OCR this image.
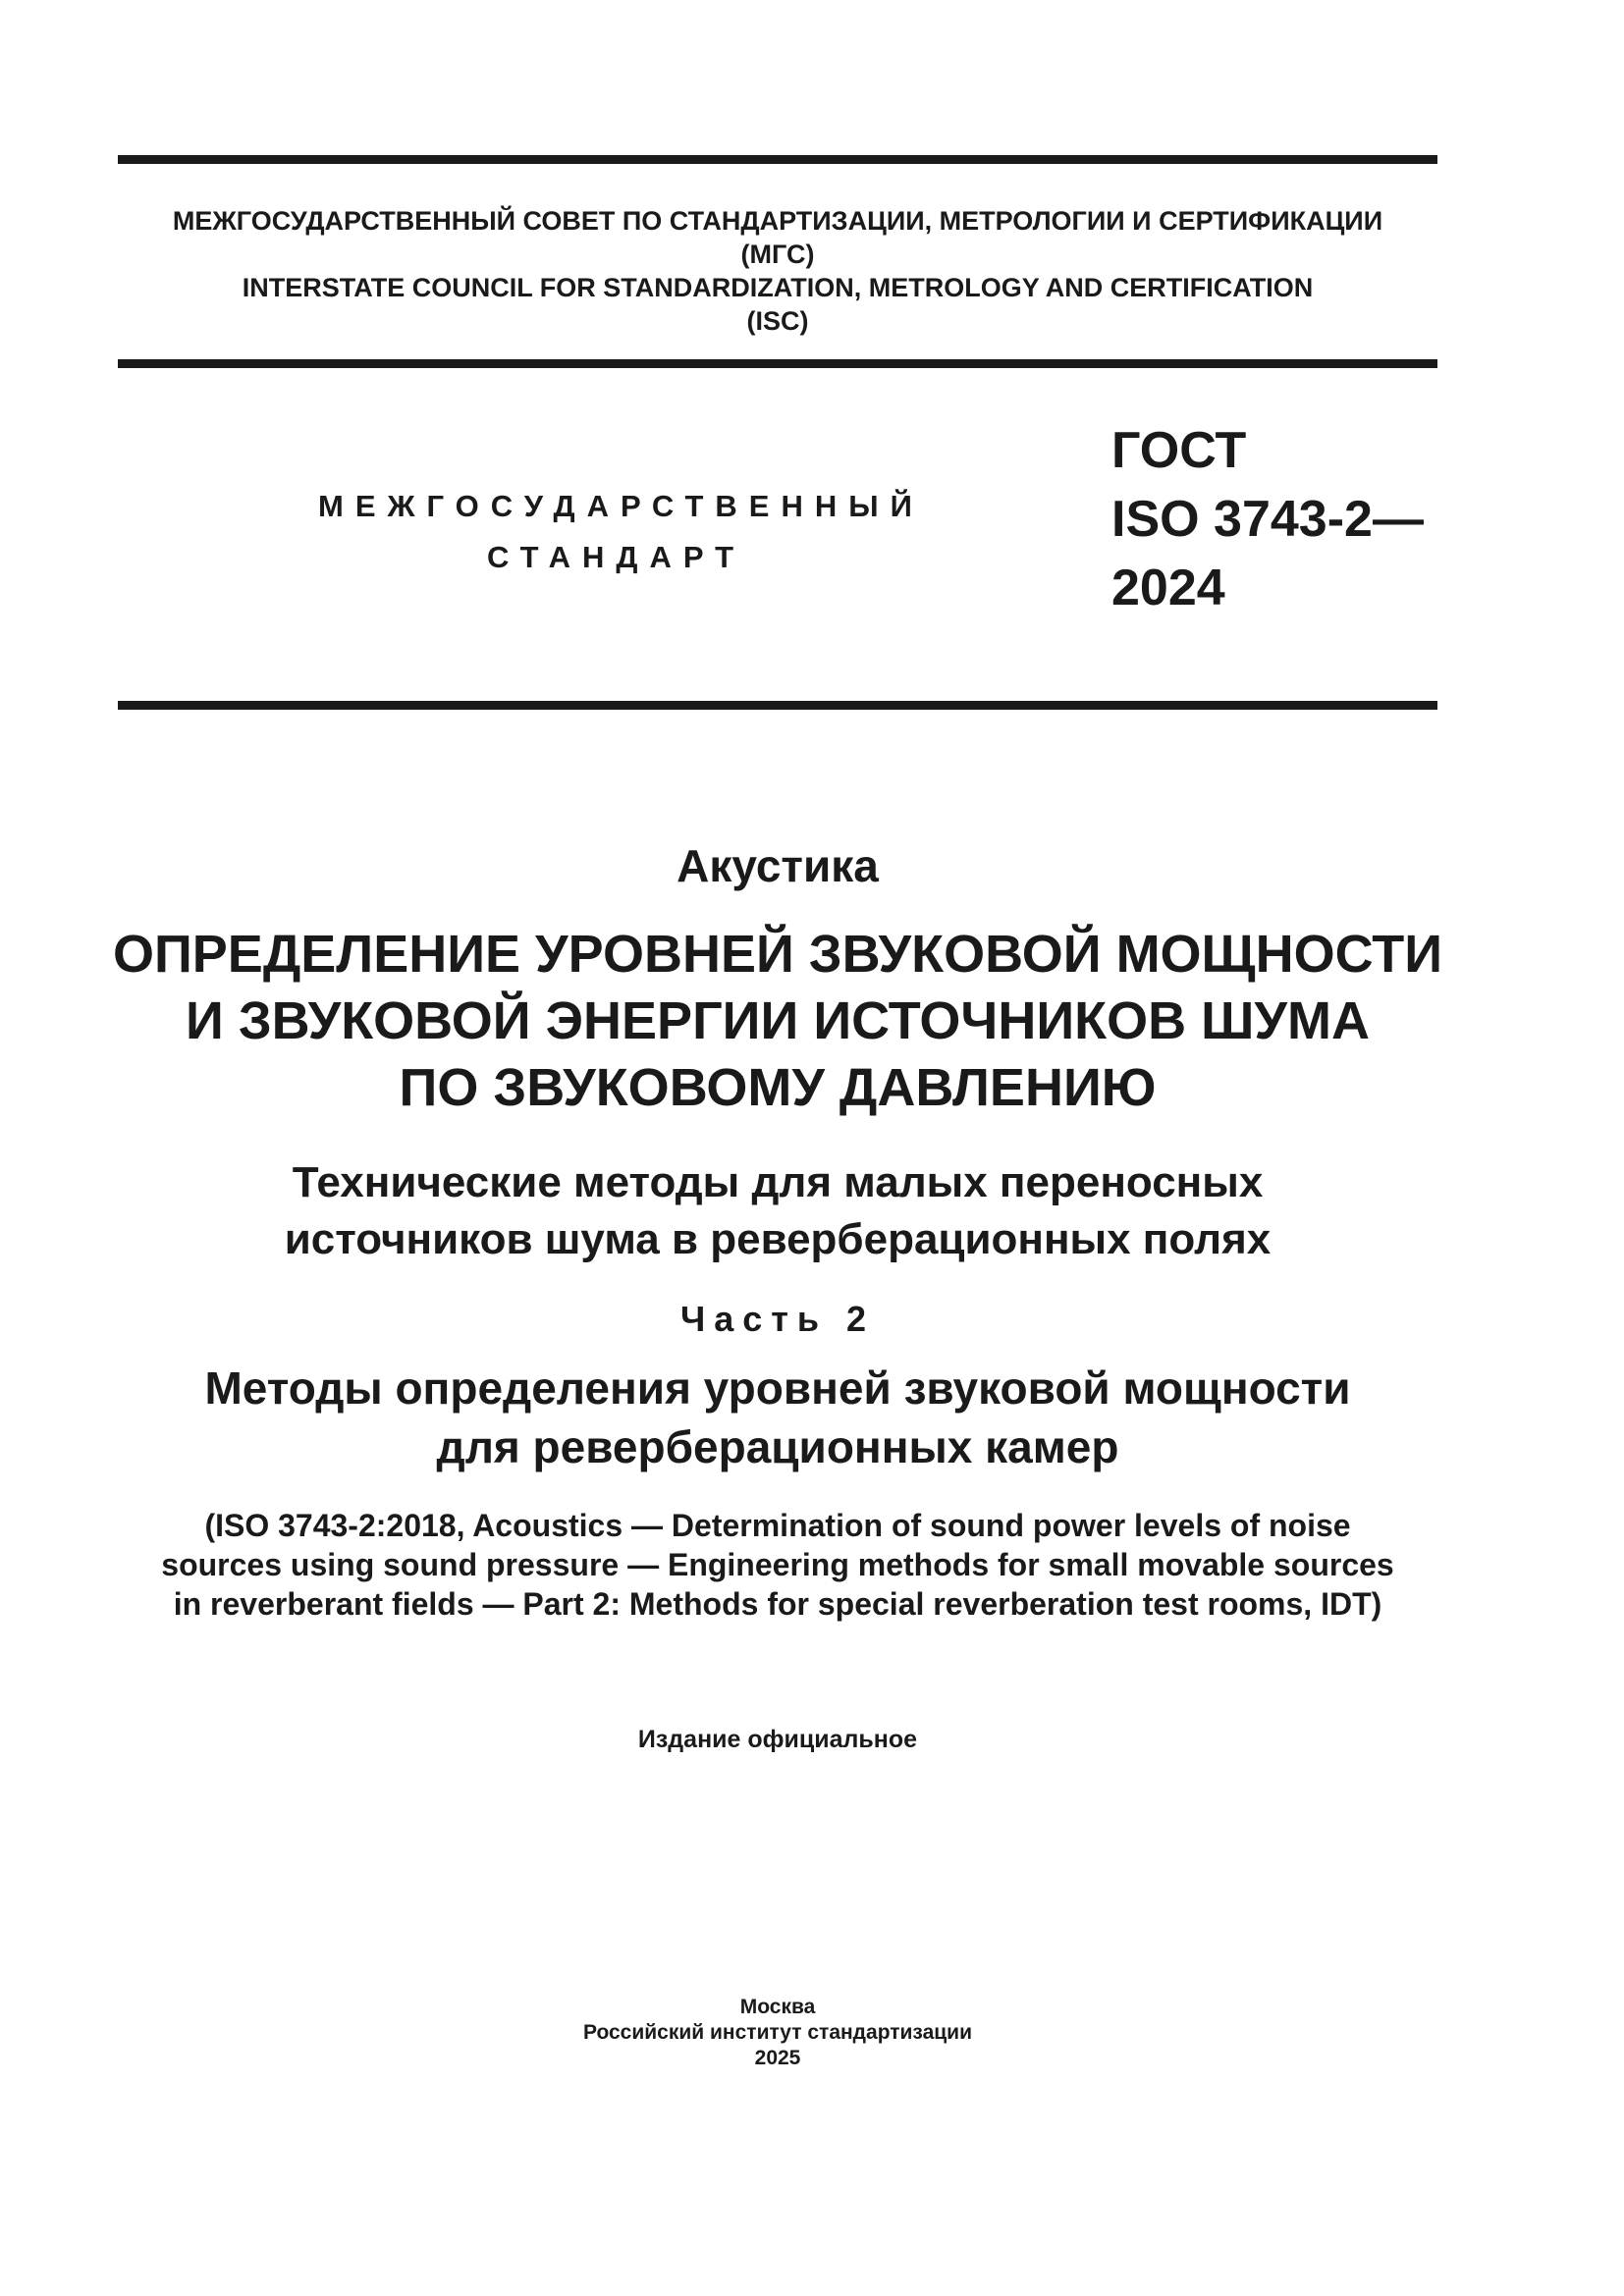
МЕЖГОСУДАРСТВЕННЫЙ СОВЕТ ПО СТАНДАРТИЗАЦИИ, МЕТРОЛОГИИ И СЕРТИФИКАЦИИ
(МГС)
INTERSTATE COUNCIL FOR STANDARDIZATION, METROLOGY AND CERTIFICATION
(ISC)
МЕЖГОСУДАРСТВЕННЫЙ
СТАНДАРТ
ГОСТ
ISO 3743-2—
2024
Акустика
ОПРЕДЕЛЕНИЕ УРОВНЕЙ ЗВУКОВОЙ МОЩНОСТИ
И ЗВУКОВОЙ ЭНЕРГИИ ИСТОЧНИКОВ ШУМА
ПО ЗВУКОВОМУ ДАВЛЕНИЮ
Технические методы для малых переносных
источников шума в реверберационных полях
Часть 2
Методы определения уровней звуковой мощности
для реверберационных камер
(ISO 3743-2:2018, Acoustics — Determination of sound power levels of noise
sources using sound pressure — Engineering methods for small movable sources
in reverberant fields — Part 2: Methods for special reverberation test rooms, IDT)
Издание официальное
Москва
Российский институт стандартизации
2025
